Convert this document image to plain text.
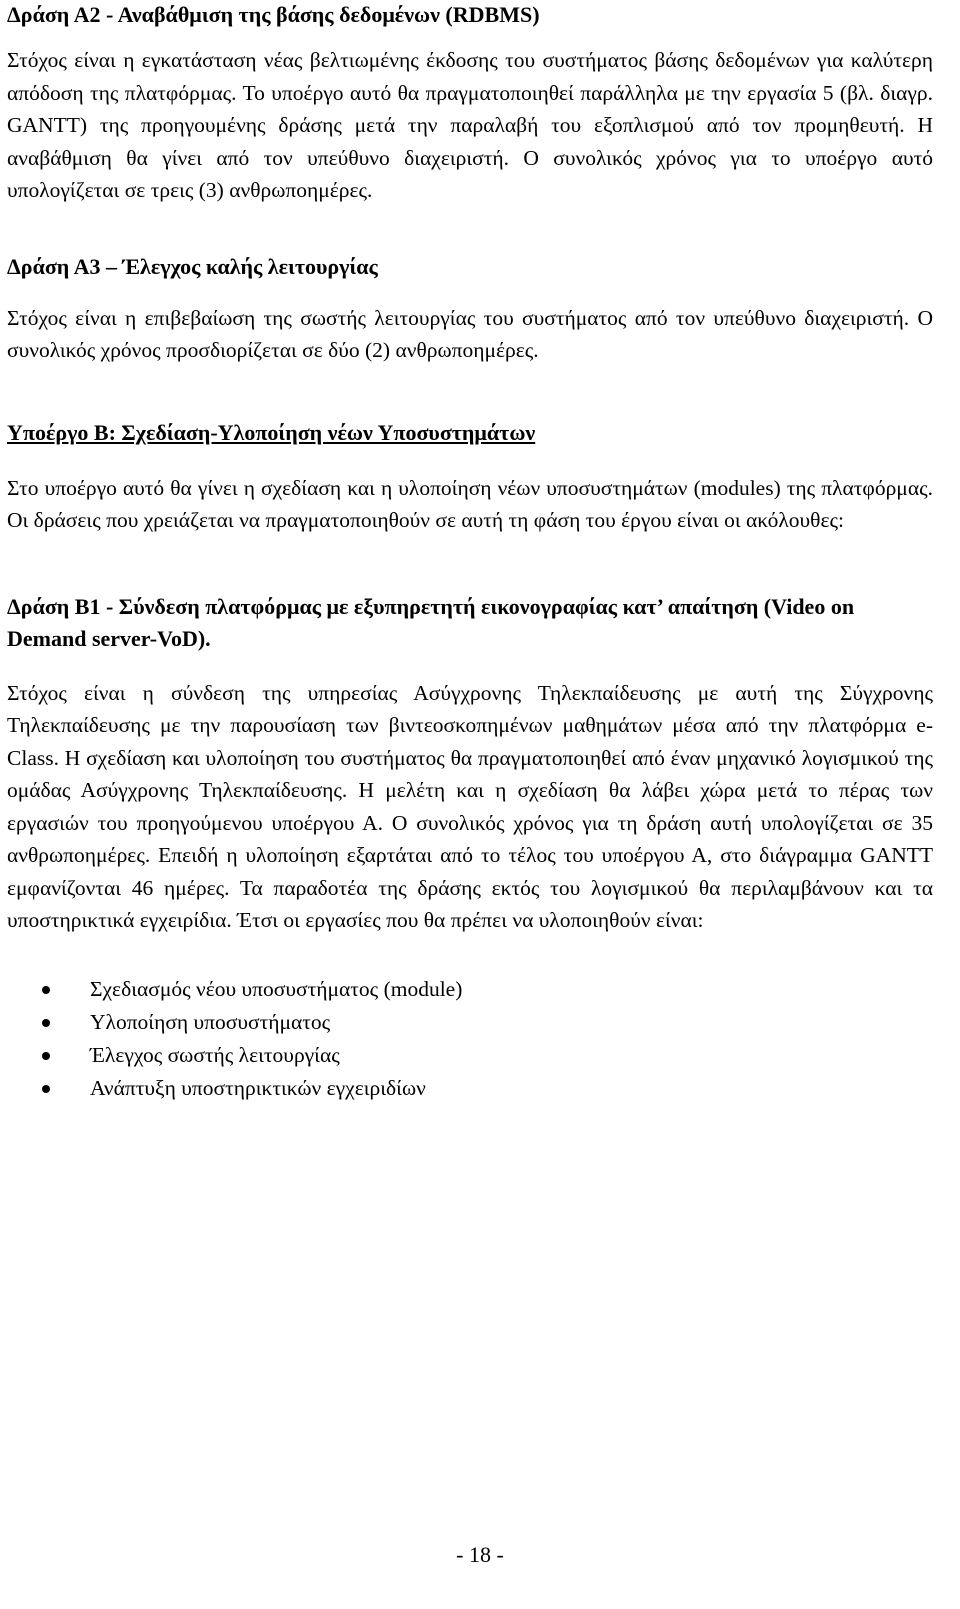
Δράση Α2 - Αναβάθμιση της βάσης δεδομένων (RDBMS)

Στόχος είναι η εγκατάσταση νέας βελτιωμένης έκδοσης του συστήματος βάσης δεδομένων για καλύτερη απόδοση της πλατφόρμας. Το υποέργο αυτό θα πραγματοποιηθεί παράλληλα με την εργασία 5 (βλ. διαγρ. GANTT) της προηγουμένης δράσης μετά την παραλαβή του εξοπλισμού από τον προμηθευτή. Η αναβάθμιση θα γίνει από τον υπεύθυνο διαχειριστή. Ο συνολικός χρόνος για το υποέργο αυτό υπολογίζεται σε τρεις (3) ανθρωποημέρες.

Δράση Α3 – Έλεγχος καλής λειτουργίας

Στόχος είναι η επιβεβαίωση της σωστής λειτουργίας του συστήματος από τον υπεύθυνο διαχειριστή. Ο συνολικός χρόνος προσδιορίζεται σε δύο (2) ανθρωποημέρες.

Υποέργο Β: Σχεδίαση-Υλοποίηση νέων Υποσυστημάτων

Στο υποέργο αυτό θα γίνει η σχεδίαση και η υλοποίηση νέων υποσυστημάτων (modules) της πλατφόρμας. Οι δράσεις που χρειάζεται να πραγματοποιηθούν σε αυτή τη φάση του έργου είναι οι ακόλουθες:

Δράση Β1 - Σύνδεση πλατφόρμας με εξυπηρετητή εικονογραφίας κατ’ απαίτηση (Video on Demand server-VoD).

Στόχος είναι η σύνδεση της υπηρεσίας Ασύγχρονης Τηλεκπαίδευσης με αυτή της Σύγχρονης Τηλεκπαίδευσης με την παρουσίαση των βιντεοσκοπημένων μαθημάτων μέσα από την πλατφόρμα e-Class. Η σχεδίαση και υλοποίηση του συστήματος θα πραγματοποιηθεί από έναν μηχανικό λογισμικού της ομάδας Ασύγχρονης Τηλεκπαίδευσης. Η μελέτη και η σχεδίαση θα λάβει χώρα μετά το πέρας των εργασιών του προηγούμενου υποέργου Α. Ο συνολικός χρόνος για τη δράση αυτή υπολογίζεται σε 35 ανθρωποημέρες. Επειδή η υλοποίηση εξαρτάται από το τέλος του υποέργου Α, στο διάγραμμα GANTT εμφανίζονται 46 ημέρες. Τα παραδοτέα της δράσης εκτός του λογισμικού θα περιλαμβάνουν και τα υποστηρικτικά εγχειρίδια. Έτσι οι εργασίες που θα πρέπει να υλοποιηθούν είναι:

Σχεδιασμός νέου υποσυστήματος (module)
Υλοποίηση υποσυστήματος
Έλεγχος σωστής λειτουργίας
Ανάπτυξη υποστηρικτικών εγχειριδίων
- 18 -
